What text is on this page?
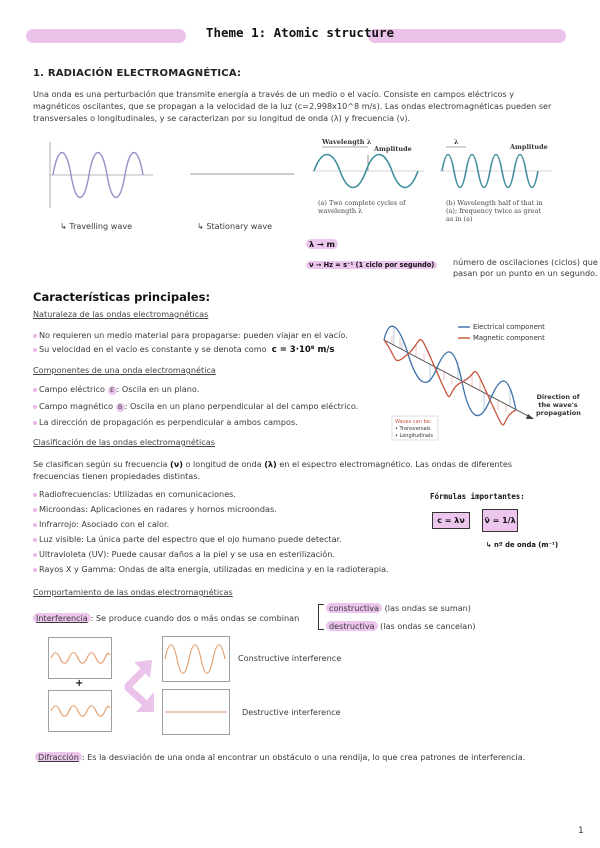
Theme 1: Atomic structure
1. RADIACIÓN ELECTROMAGNÉTICA:
Una onda es una perturbación que transmite energía a través de un medio o el vacío. Consiste en campos eléctricos y
magnéticos oscilantes, que se propagan a la velocidad de la luz (c=2.998x10^8 m/s). Las ondas electromagnéticas pueden ser
transversales o longitudinales, y se caracterizan por su longitud de onda (λ) y frecuencia (ν).
↳ Travelling wave	↳ Stationary wave
Wavelength λ
Amplitude
(a) Two complete cycles of wavelength λ
λ
Amplitude
(b) Wavelength half of that in (a); frequency twice as great as in (a)
λ → m
ν → Hz = s⁻¹ (1 ciclo por segundo)	número de oscilaciones (ciclos) que
pasan por un punto en un segundo.
Características principales:
Naturaleza de las ondas electromagnéticas
No requieren un medio material para propagarse: pueden viajar en el vacío.
Su velocidad en el vacío es constante y se denota como c = 3·10⁸ m/s
Componentes de una onda electromagnética
Campo eléctrico E : Oscila en un plano.
Campo magnético B : Oscila en un plano perpendicular al del campo eléctrico.
La dirección de propagación es perpendicular a ambos campos.
Electrical component
Magnetic component
Waves can be:
• Transversals
• Longitudinals
Direction of the wave's propagation
Clasificación de las ondas electromagnéticas
Se clasifican según su frecuencia (ν) o longitud de onda (λ) en el espectro electromagnético. Las ondas de diferentes
frecuencias tienen propiedades distintas.
Radiofrecuencias: Utilizadas en comunicaciones.
Microondas: Aplicaciones en radares y hornos microondas.
Infrarrojo: Asociado con el calor.
Luz visible: La única parte del espectro que el ojo humano puede detectar.
Ultravioleta (UV): Puede causar daños a la piel y se usa en esterilización.
Rayos X y Gamma: Ondas de alta energía, utilizadas en medicina y en la radioterapia.
Fórmulas importantes:
c = λν	ν̃ = 1/λ
↳ nº de onda (m⁻¹)
Comportamiento de las ondas electromagnéticas
Interferencia : Se produce cuando dos o más ondas se combinan
constructiva (las ondas se suman)
destructiva (las ondas se cancelan)
+
Constructive interference
Destructive interference
Difracción : Es la desviación de una onda al encontrar un obstáculo o una rendija, lo que crea patrones de interferencia.
1
